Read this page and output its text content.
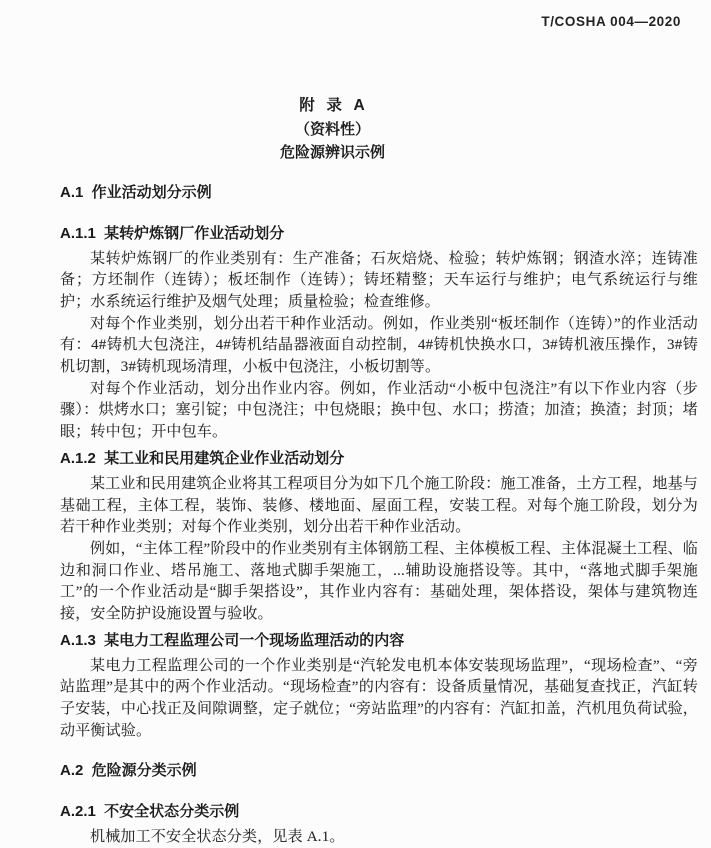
T/COSHA 004—2020
附  录  A
（资料性）
危险源辨识示例
A.1  作业活动划分示例
A.1.1  某转炉炼钢厂作业活动划分

某转炉炼钢厂的作业类别有：生产准备；石灰焙烧、检验；转炉炼钢；钢渣水淬；连铸准备；方坯制作（连铸）；板坯制作（连铸）；铸坯精整；天车运行与维护；电气系统运行与维护；水系统运行维护及烟气处理；质量检验；检查维修。

对每个作业类别，划分出若干种作业活动。例如，作业类别“板坯制作（连铸）”的作业活动有：4#铸机大包浇注，4#铸机结晶器液面自动控制，4#铸机快换水口，3#铸机液压操作，3#铸机切割，3#铸机现场清理，小板中包浇注，小板切割等。

对每个作业活动，划分出作业内容。例如，作业活动“小板中包浇注”有以下作业内容（步骤）：烘烤水口；塞引锭；中包浇注；中包烧眼；换中包、水口；捞渣；加渣；换渣；封顶；堵眼；转中包；开中包车。

A.1.2  某工业和民用建筑企业作业活动划分

某工业和民用建筑企业将其工程项目分为如下几个施工阶段：施工准备，土方工程，地基与基础工程，主体工程，装饰、装修、楼地面、屋面工程，安装工程。对每个施工阶段，划分为若干种作业类别；对每个作业类别，划分出若干种作业活动。

例如，“主体工程”阶段中的作业类别有主体钢筋工程、主体模板工程、主体混凝土工程、临边和洞口作业、塔吊施工、落地式脚手架施工，...辅助设施搭设等。其中，“落地式脚手架施工”的一个作业活动是“脚手架搭设”，其作业内容有：基础处理，架体搭设，架体与建筑物连接，安全防护设施设置与验收。

A.1.3  某电力工程监理公司一个现场监理活动的内容

某电力工程监理公司的一个作业类别是“汽轮发电机本体安装现场监理”，“现场检查”、“旁站监理”是其中的两个作业活动。“现场检查”的内容有：设备质量情况，基础复查找正，汽缸转子安装，中心找正及间隙调整，定子就位；“旁站监理”的内容有：汽缸扣盖，汽机甩负荷试验，动平衡试验。

A.2  危险源分类示例
A.2.1  不安全状态分类示例

机械加工不安全状态分类，见表 A.1。
